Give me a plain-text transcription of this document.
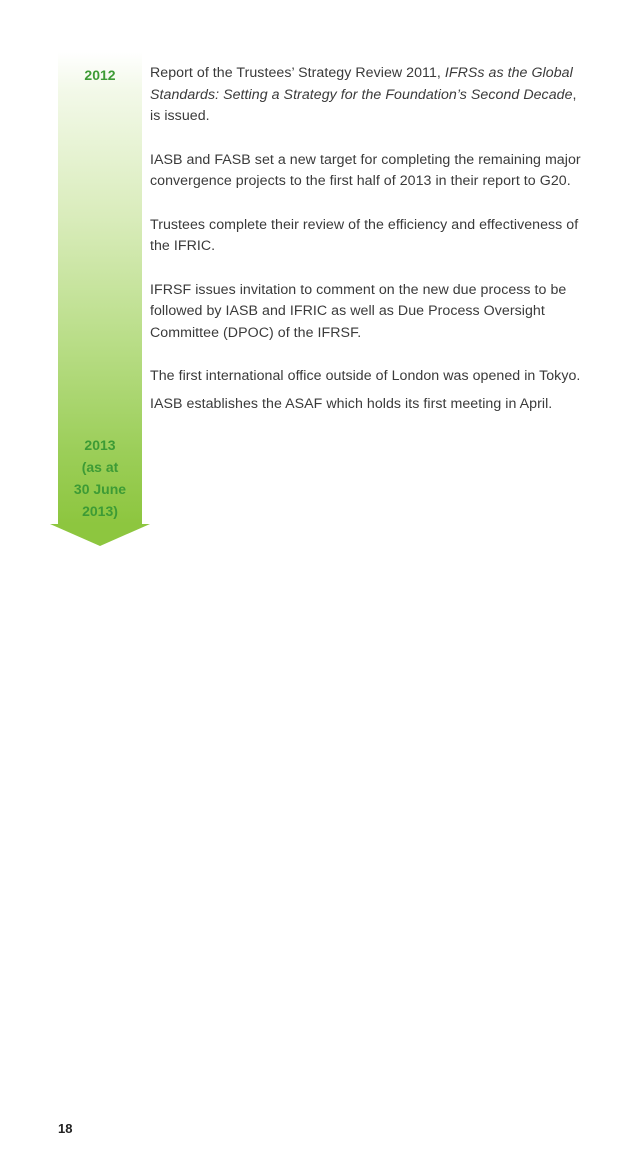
2012
2013
(as at
30 June
2013)

Report of the Trustees’ Strategy Review 2011, IFRSs as the Global Standards: Setting a Strategy for the Foundation’s Second Decade, is issued.

IASB and FASB set a new target for completing the remaining major convergence projects to the first half of 2013 in their report to G20.

Trustees complete their review of the efficiency and effectiveness of the IFRIC.

IFRSF issues invitation to comment on the new due process to be followed by IASB and IFRIC as well as Due Process Oversight Committee (DPOC) of the IFRSF.

The first international office outside of London was opened in Tokyo.

IASB establishes the ASAF which holds its first meeting in April.

18
